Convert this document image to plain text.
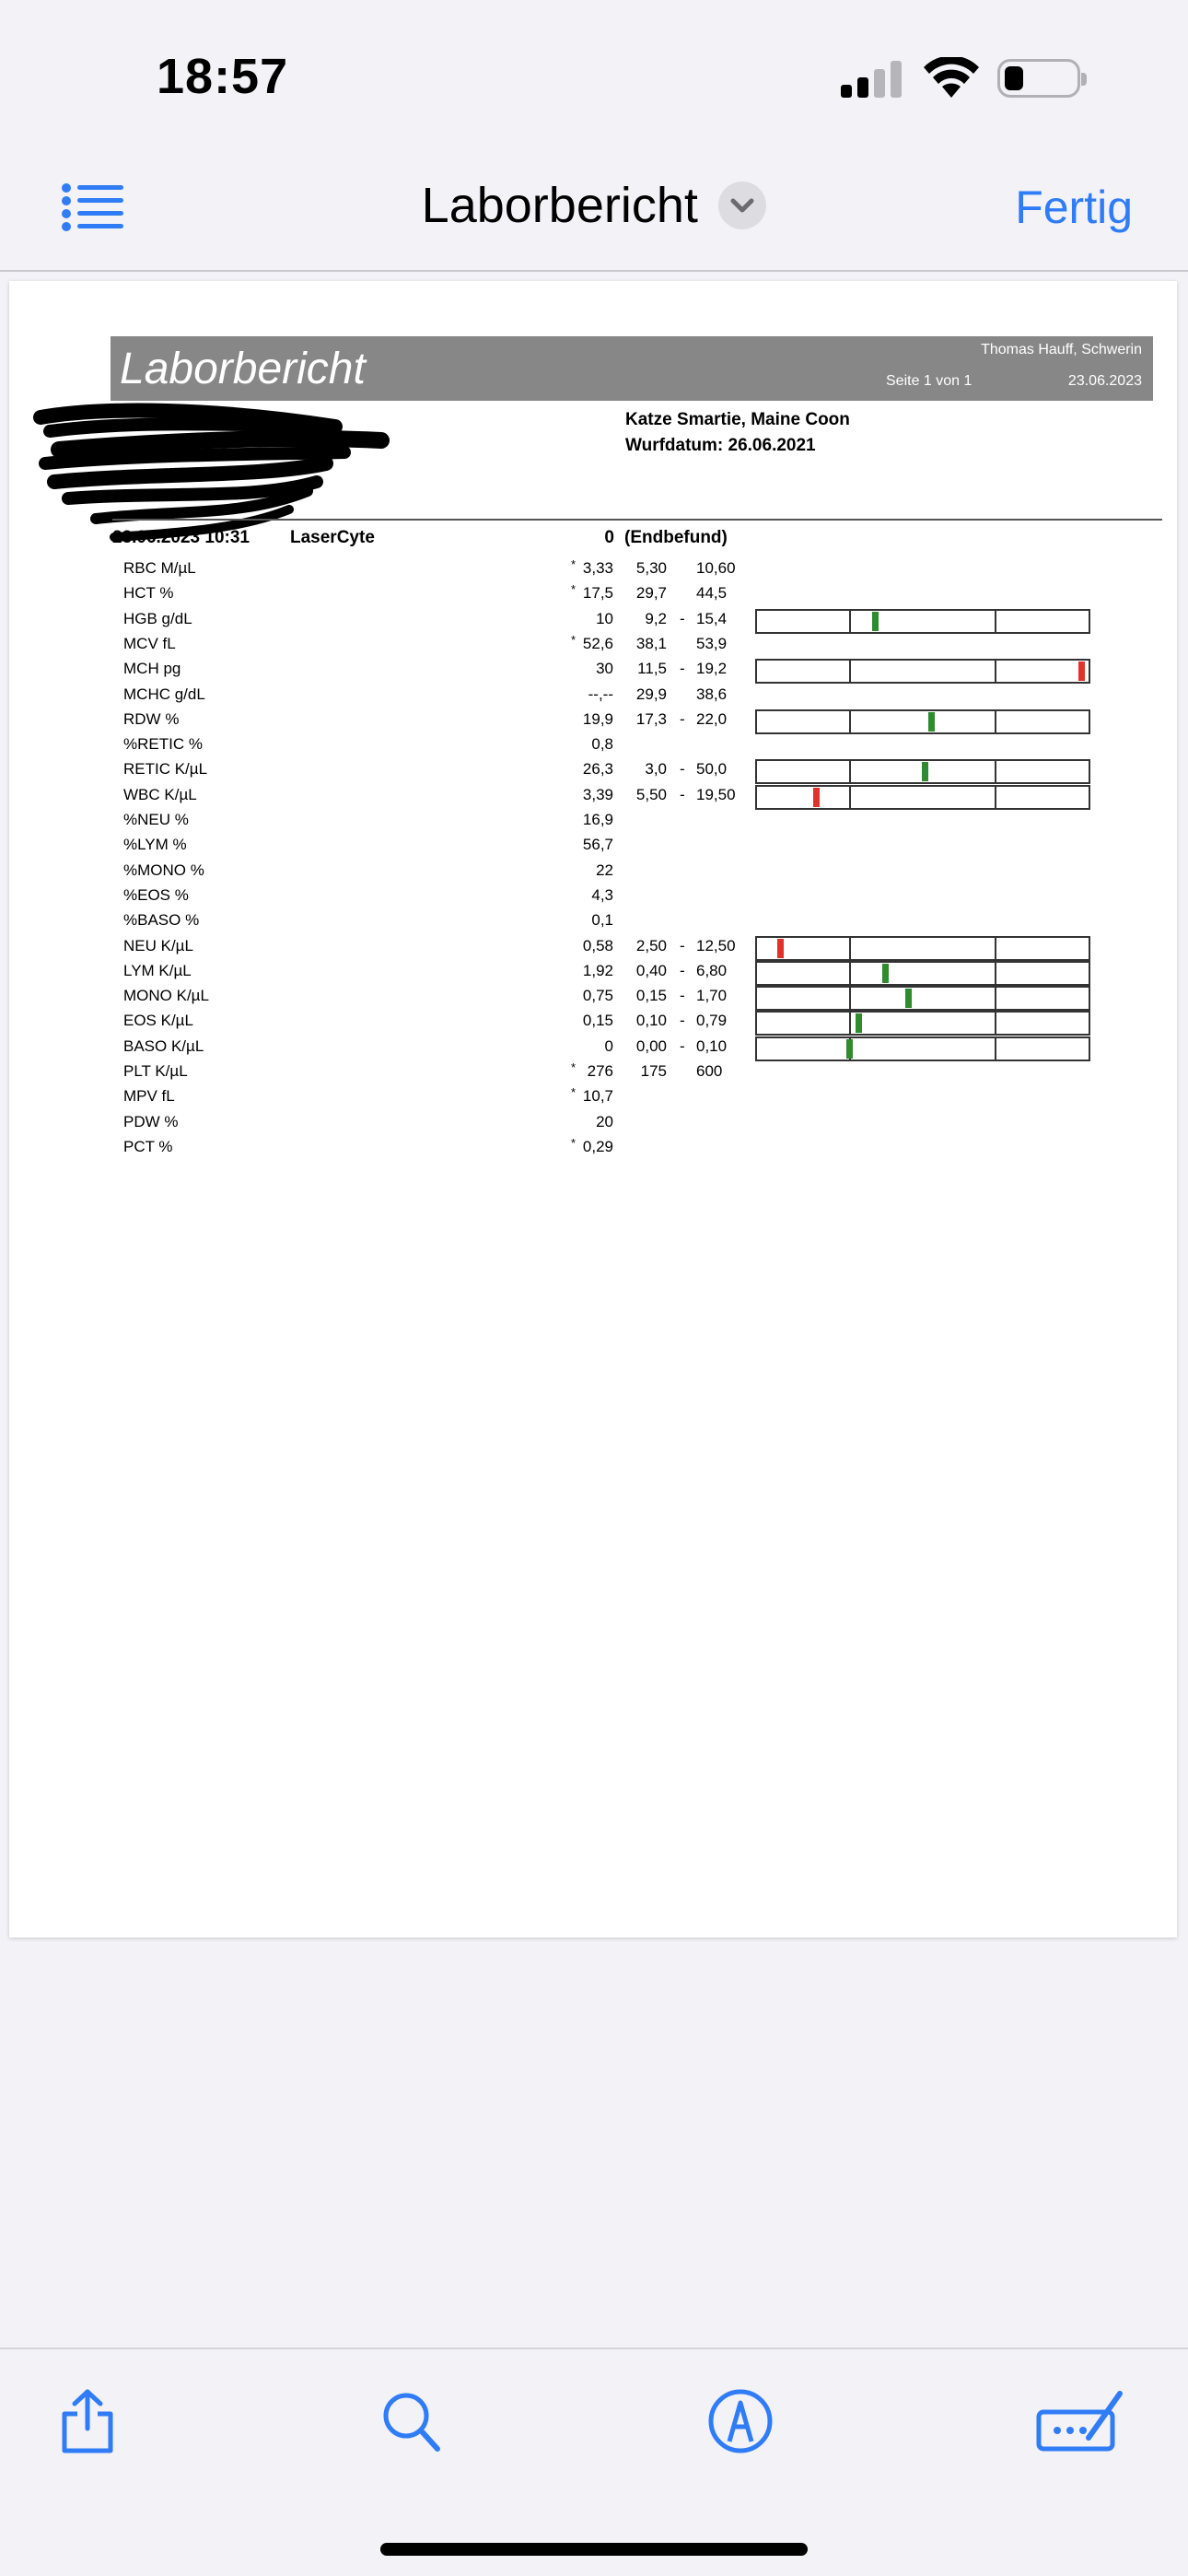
18:57
Laborbericht	Fertig
Laborbericht	Thomas Hauff, Schwerin
Seite 1 von 1	23.06.2023
Katze Smartie, Maine Coon
Wurfdatum: 26.06.2021
23.06.2023 10:31 LaserCyte	0 (Endbefund)
RBC M/µL	* 3,33 5,30 10,60
HCT %	* 17,5 29,7 44,5
HGB g/dL	10 9,2 - 15,4
MCV fL	* 52,6 38,1 53,9
MCH pg	30 11,5 - 19,2
MCHC g/dL	--,-- 29,9 38,6
RDW %	19,9 17,3 - 22,0
%RETIC %	0,8
RETIC K/µL	26,3 3,0 - 50,0
WBC K/µL	3,39 5,50 - 19,50
%NEU %	16,9
%LYM %	56,7
%MONO %	22
%EOS %	4,3
%BASO %	0,1
NEU K/µL	0,58 2,50 - 12,50
LYM K/µL	1,92 0,40 - 6,80
MONO K/µL	0,75 0,15 - 1,70
EOS K/µL	0,15 0,10 - 0,79
BASO K/µL	0 0,00 - 0,10
PLT K/µL	* 276 175 600
MPV fL	* 10,7
PDW %	20
PCT %	* 0,29
